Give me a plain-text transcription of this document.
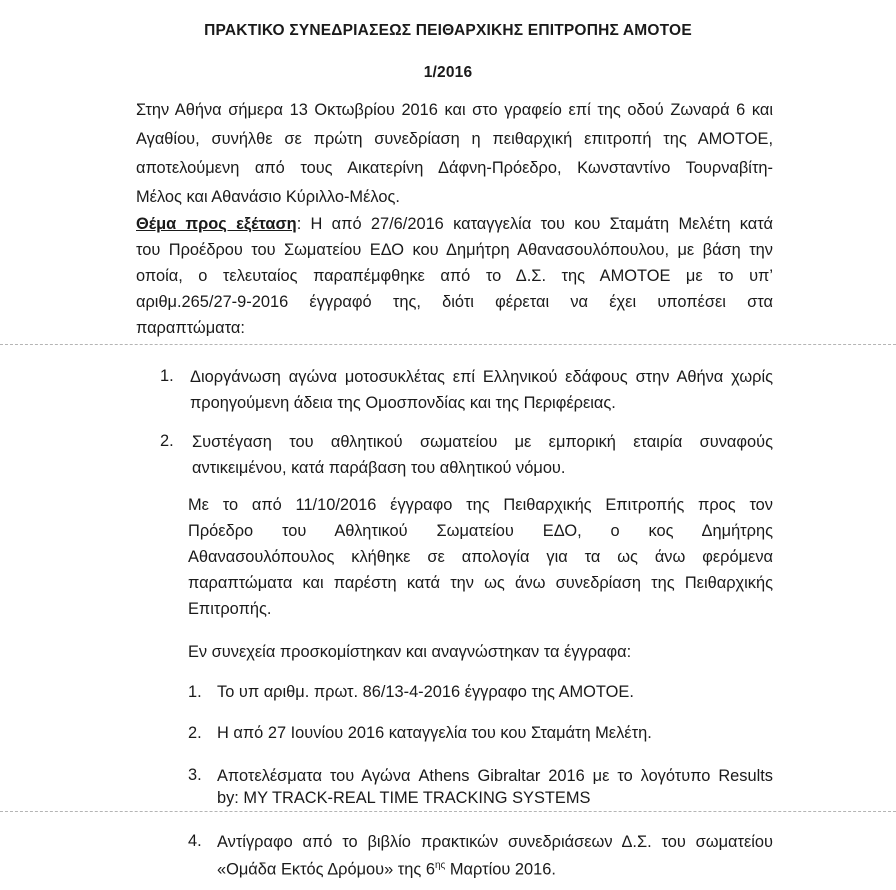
ΠΡΑΚΤΙΚΟ ΣΥΝΕΔΡΙΑΣΕΩΣ ΠΕΙΘΑΡΧΙΚΗΣ ΕΠΙΤΡΟΠΗΣ ΑΜΟΤΟΕ
1/2016
Στην Αθήνα σήμερα 13 Οκτωβρίου 2016 και στο γραφείο επί της οδού Ζωναρά 6 και
Αγαθίου, συνήλθε σε πρώτη συνεδρίαση η πειθαρχική επιτροπή της ΑΜΟΤΟΕ,
αποτελούμενη από τους Αικατερίνη Δάφνη-Πρόεδρο, Κωνσταντίνο Τουρναβίτη-
Μέλος και Αθανάσιο Κύριλλο-Μέλος.
Θέμα προς εξέταση: Η από 27/6/2016 καταγγελία του κου Σταμάτη Μελέτη κατά
του Προέδρου του Σωματείου ΕΔΟ κου Δημήτρη Αθανασουλόπουλου, με βάση την
οποία, ο τελευταίος παραπέμφθηκε από το Δ.Σ. της ΑΜΟΤΟΕ με το υπ’
αριθμ.265/27-9-2016 έγγραφό της, διότι φέρεται να έχει υποπέσει στα
παραπτώματα:
1. Διοργάνωση αγώνα μοτοσυκλέτας επί Ελληνικού εδάφους στην Αθήνα χωρίς
προηγούμενη άδεια της Ομοσπονδίας και της Περιφέρειας.
2. Συστέγαση του αθλητικού σωματείου με εμπορική εταιρία συναφούς
αντικειμένου, κατά παράβαση του αθλητικού νόμου.
Με το από 11/10/2016 έγγραφο της Πειθαρχικής Επιτροπής προς τον
Πρόεδρο του Αθλητικού Σωματείου ΕΔΟ, ο κος Δημήτρης
Αθανασουλόπουλος κλήθηκε σε απολογία για τα ως άνω φερόμενα
παραπτώματα και παρέστη κατά την ως άνω συνεδρίαση της Πειθαρχικής
Επιτροπής.
Εν συνεχεία προσκομίστηκαν και αναγνώστηκαν τα έγγραφα:
1. Το υπ αριθμ. πρωτ. 86/13-4-2016 έγγραφο της ΑΜΟΤΟΕ.
2. Η από 27 Ιουνίου 2016 καταγγελία του κου Σταμάτη Μελέτη.
3. Αποτελέσματα του Αγώνα Athens Gibraltar 2016 με το λογότυπο Results
by: MY TRACK-REAL TIME TRACKING SYSTEMS
4. Αντίγραφο από το βιβλίο πρακτικών συνεδριάσεων Δ.Σ. του σωματείου
«Ομάδα Εκτός Δρόμου» της $6^{\eta\varsigma}$ Μαρτίου 2016.
